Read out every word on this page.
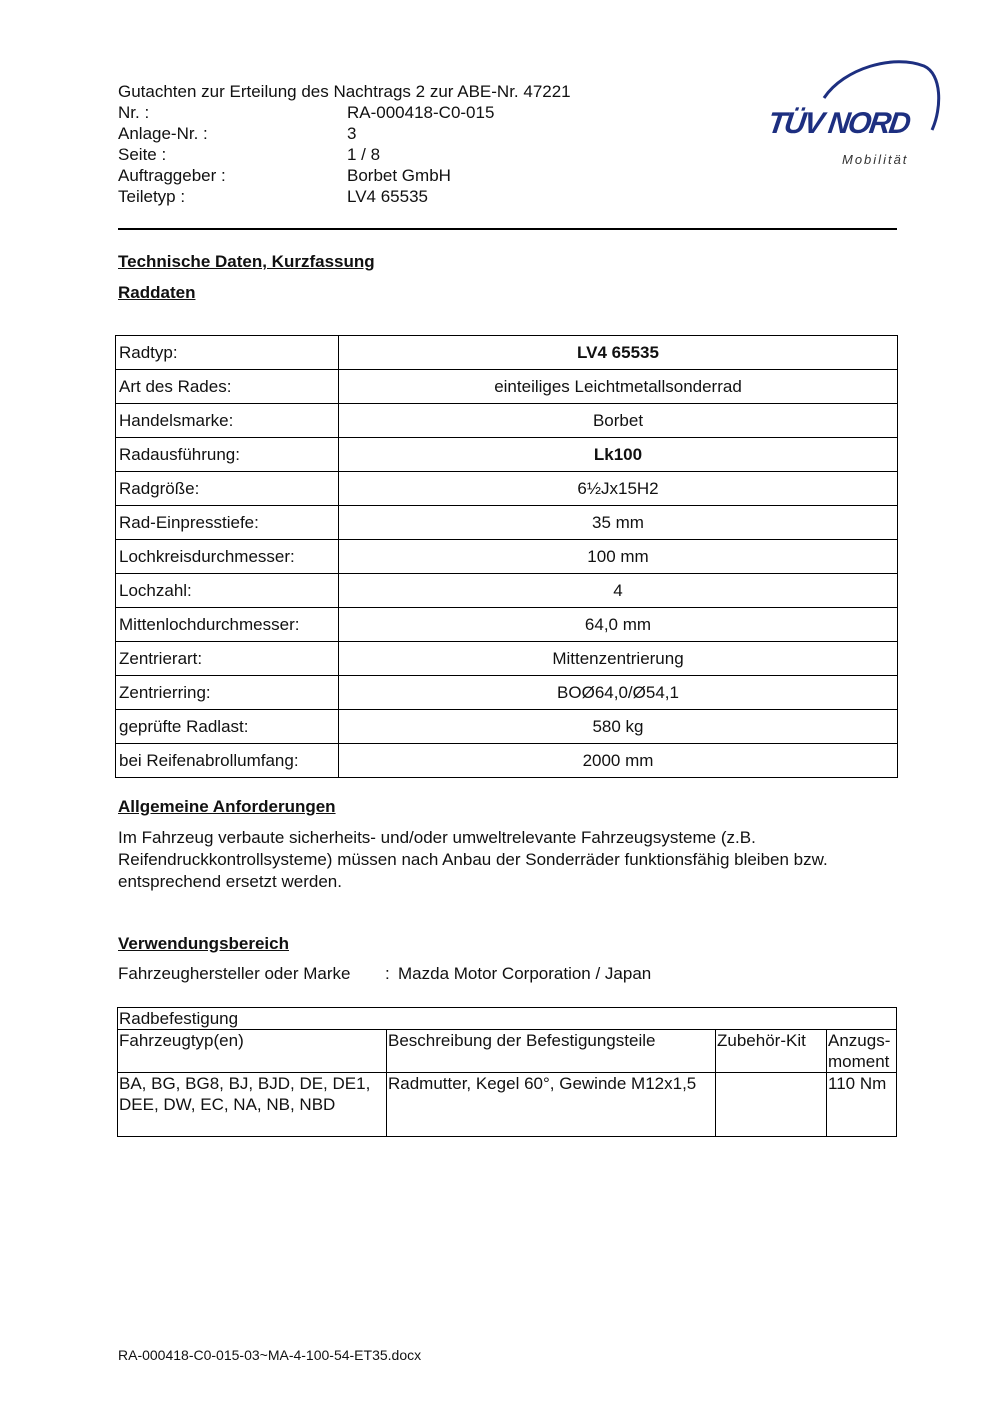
Gutachten zur Erteilung des Nachtrags 2 zur ABE-Nr. 47221
Nr. :	RA-000418-C0-015
Anlage-Nr. :	3
Seite :	1 / 8
Auftraggeber :	Borbet GmbH
Teiletyp :	LV4 65535
TÜV NORD
Mobilität
Technische Daten, Kurzfassung
Raddaten
Radtyp:	LV4 65535
Art des Rades:	einteiliges Leichtmetallsonderrad
Handelsmarke:	Borbet
Radausführung:	Lk100
Radgröße:	6½Jx15H2
Rad-Einpresstiefe:	35 mm
Lochkreisdurchmesser:	100 mm
Lochzahl:	4
Mittenlochdurchmesser:	64,0 mm
Zentrierart:	Mittenzentrierung
Zentrierring:	BOØ64,0/Ø54,1
geprüfte Radlast:	580 kg
bei Reifenabrollumfang:	2000 mm
Allgemeine Anforderungen
Im Fahrzeug verbaute sicherheits- und/oder umweltrelevante Fahrzeugsysteme (z.B. Reifendruckkontrollsysteme) müssen nach Anbau der Sonderräder funktionsfähig bleiben bzw. entsprechend ersetzt werden.
Verwendungsbereich
Fahrzeughersteller oder Marke	: Mazda Motor Corporation / Japan
Radbefestigung			
Fahrzeugtyp(en)	Beschreibung der Befestigungsteile	Zubehör-Kit	Anzugs-moment
BA, BG, BG8, BJ, BJD, DE, DE1, DEE, DW, EC, NA, NB, NBD	Radmutter, Kegel 60°, Gewinde M12x1,5		110 Nm
RA-000418-C0-015-03~MA-4-100-54-ET35.docx
